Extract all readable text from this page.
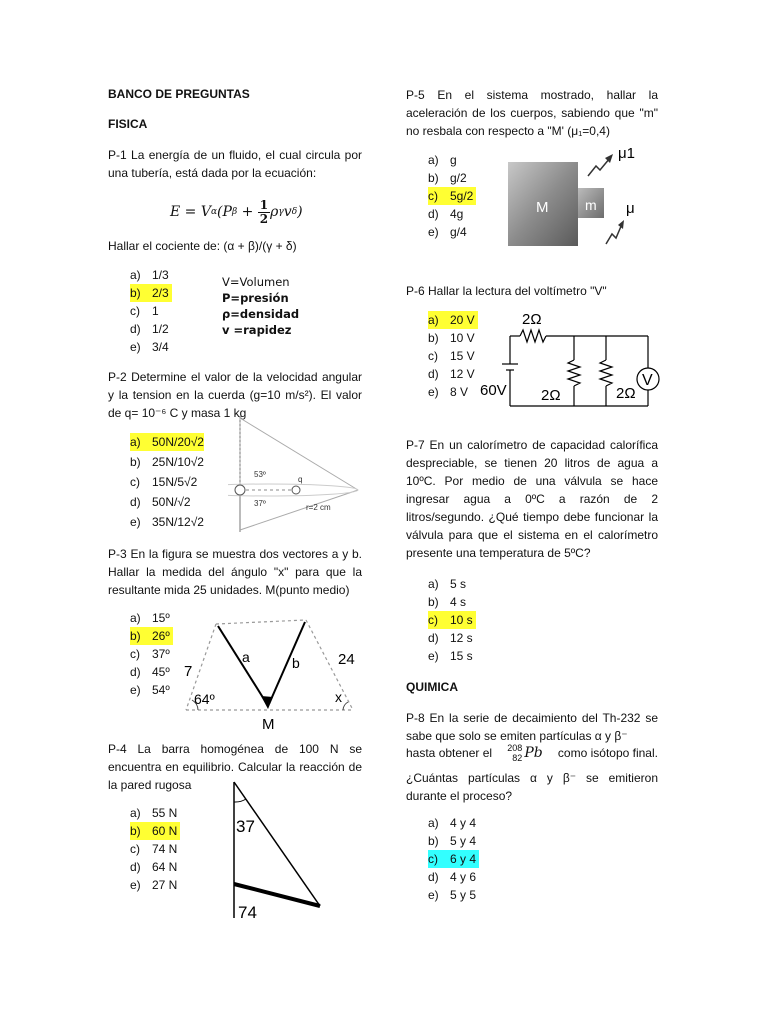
BANCO DE PREGUNTAS
FISICA
P-1 La energía de un fluido, el cual circula por una tubería, está dada por la ecuación:
E = V α (P $\beta + \frac{1}{2}$ ρ γ v δ )
Hallar el cociente de: (α + β)/(γ + δ)
a) 1/3
b) 2/3
c)	1
d) 1/2
e) 3/4
V=Volumen
P=presión
ρ=densidad
v =rapidez
P-2 Determine el valor de la velocidad angular y la tension en la cuerda (g=10 m/s²). El valor de q= 10⁻⁶ C y masa 1 kg
a) 50N/20√2
b) 25N/10√2
c)	15N/5√2
d) 50N/√2
e) 35N/12√2
53º
37º
q
r=2 cm
P-3 En la figura se muestra dos vectores a y b. Hallar la medida del ángulo "x" para que la resultante mida 25 unidades. M(punto medio)
a) 15º
b) 26º
c)	37º
d) 45º
e) 54º
a	b
7
24
64º	x
M
P-4 La barra homogénea de 100 N se encuentra en equilibrio. Calcular la reacción de la pared rugosa
a) 55 N
b) 60 N
c)	74 N
d) 64 N
e) 27 N
37
74
P-5 En el sistema mostrado, hallar la aceleración de los cuerpos, sabiendo que "m" no resbala con respecto a "M' (μ₁=0,4)
a) g
b) g/2
c)	5g/2
d) 4g
e) g/4
M	m
μ1
μ
P-6 Hallar la lectura del voltímetro "V"
a) 20 V
b) 10 V
c)	15 V
d) 12 V
e) 8 V
2Ω
2Ω	2Ω
60V
V
P-7 En un calorímetro de capacidad calorífica despreciable, se tienen 20 litros de agua a 10ºC. Por medio de una válvula se hace ingresar agua a 0ºC a razón de 2 litros/segundo. ¿Qué tiempo debe funcionar la válvula para que el sistema en el calorímetro presente una temperatura de 5ºC?
a) 5 s
b) 4 s
c)	10 s
d) 12 s
e) 15 s
QUIMICA
P-8 En la serie de decaimiento del Th-232 se sabe que solo se emiten partículas α y β⁻
hasta obtener el 208
82 Pb como isótopo final.
¿Cuántas partículas α y β⁻ se emitieron durante el proceso?
a) 4 y 4
b) 5 y 4
c)	6 y 4
d) 4 y 6
e) 5 y 5
